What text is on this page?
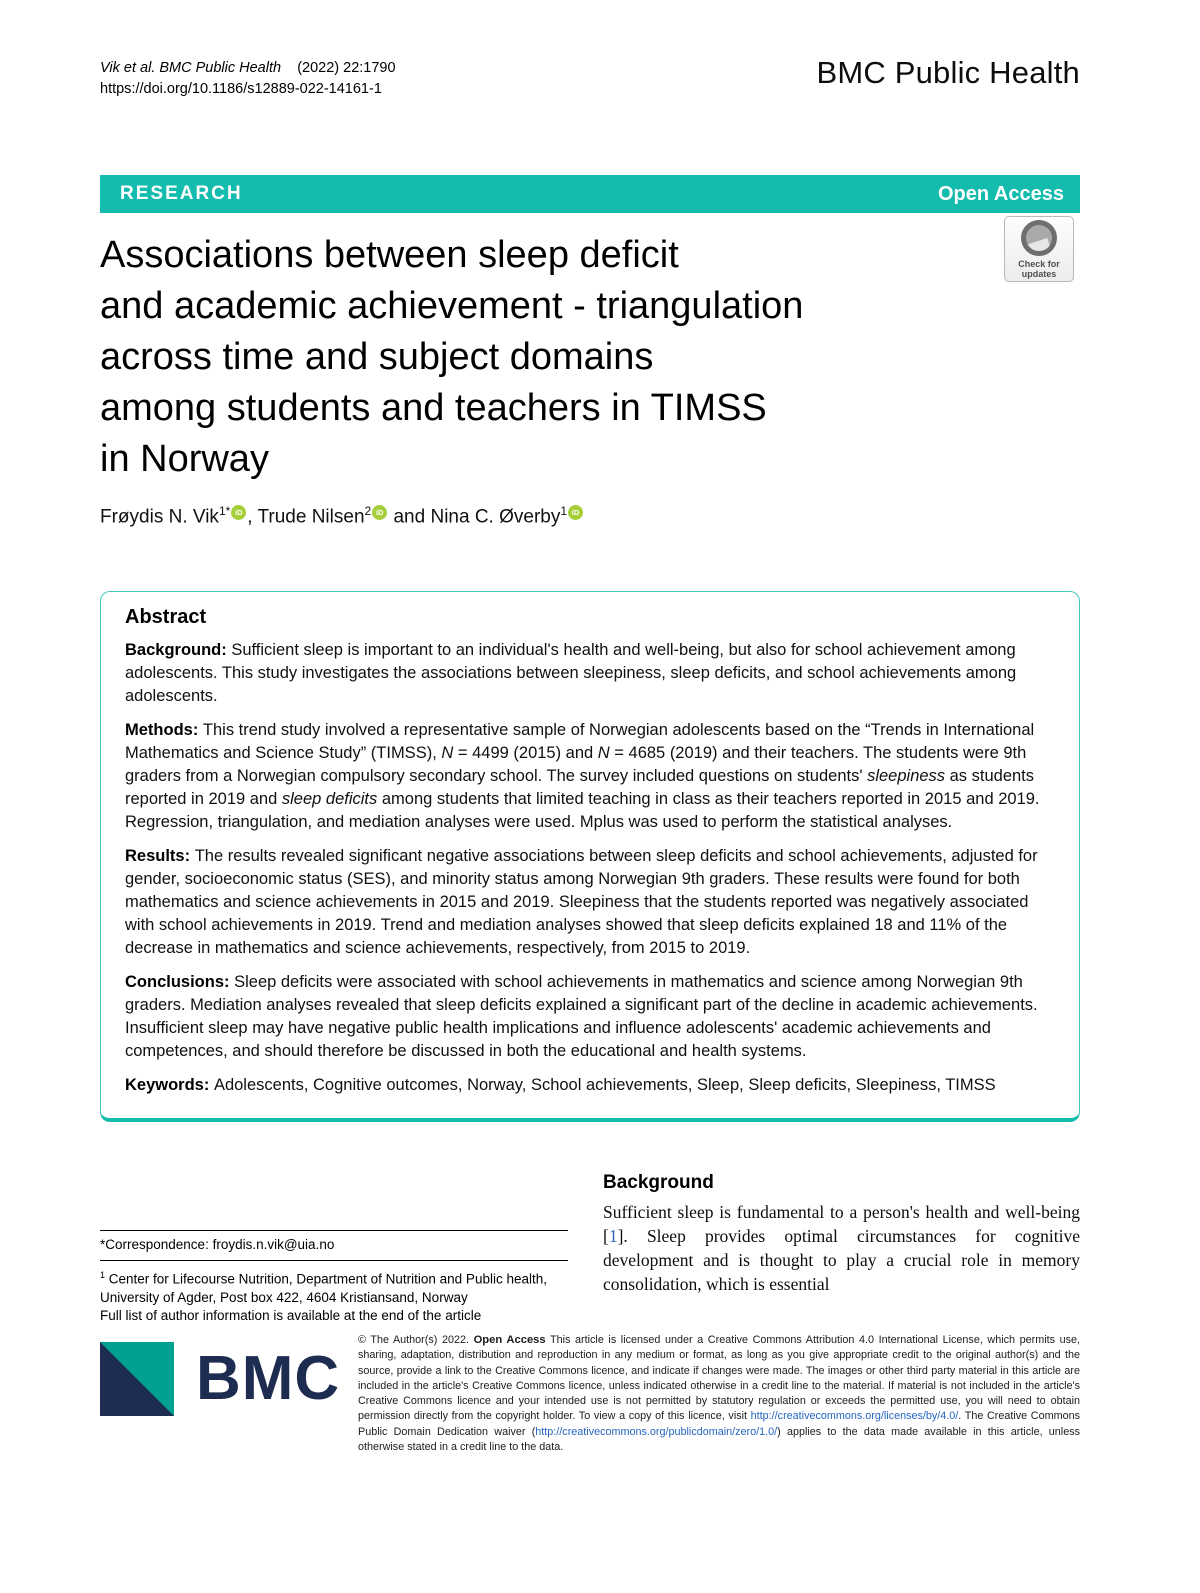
Vik et al. BMC Public Health (2022) 22:1790
https://doi.org/10.1186/s12889-022-14161-1	BMC Public Health
RESEARCH	Open Access
Check for
updates
Associations between sleep deficit
and academic achievement - triangulation
across time and subject domains
among students and teachers in TIMSS
in Norway
Frøydis N. Vik$^{1*}$ iD , Trude Nilsen$^2$ iD and Nina C. Øverby$^1$ iD
Abstract

Background: Sufficient sleep is important to an individual's health and well-being, but also for school achievement among adolescents. This study investigates the associations between sleepiness, sleep deficits, and school achievements among adolescents.

Methods: This trend study involved a representative sample of Norwegian adolescents based on the “Trends in International Mathematics and Science Study” (TIMSS), N = 4499 (2015) and N = 4685 (2019) and their teachers. The students were 9th graders from a Norwegian compulsory secondary school. The survey included questions on students' sleepiness as students reported in 2019 and sleep deficits among students that limited teaching in class as their teachers reported in 2015 and 2019. Regression, triangulation, and mediation analyses were used. Mplus was used to perform the statistical analyses.

Results: The results revealed significant negative associations between sleep deficits and school achievements, adjusted for gender, socioeconomic status (SES), and minority status among Norwegian 9th graders. These results were found for both mathematics and science achievements in 2015 and 2019. Sleepiness that the students reported was negatively associated with school achievements in 2019. Trend and mediation analyses showed that sleep deficits explained 18 and 11% of the decrease in mathematics and science achievements, respectively, from 2015 to 2019.

Conclusions: Sleep deficits were associated with school achievements in mathematics and science among Norwegian 9th graders. Mediation analyses revealed that sleep deficits explained a significant part of the decline in academic achievements. Insufficient sleep may have negative public health implications and influence adolescents' academic achievements and competences, and should therefore be discussed in both the educational and health systems.

Keywords: Adolescents, Cognitive outcomes, Norway, School achievements, Sleep, Sleep deficits, Sleepiness, TIMSS

*Correspondence: froydis.n.vik@uia.no
$^1$ Center for Lifecourse Nutrition, Department of Nutrition and Public health, University of Agder, Post box 422, 4604 Kristiansand, Norway
Full list of author information is available at the end of the article
Background
Sufficient sleep is fundamental to a person's health and well-being [1]. Sleep provides optimal circumstances for cognitive development and is thought to play a crucial role in memory consolidation, which is essential
BMC
© The Author(s) 2022. Open Access This article is licensed under a Creative Commons Attribution 4.0 International License, which permits use, sharing, adaptation, distribution and reproduction in any medium or format, as long as you give appropriate credit to the original author(s) and the source, provide a link to the Creative Commons licence, and indicate if changes were made. The images or other third party material in this article are included in the article's Creative Commons licence, unless indicated otherwise in a credit line to the material. If material is not included in the article's Creative Commons licence and your intended use is not permitted by statutory regulation or exceeds the permitted use, you will need to obtain permission directly from the copyright holder. To view a copy of this licence, visit http://creativecommons.org/licenses/by/4.0/. The Creative Commons Public Domain Dedication waiver (http://creativecommons.org/publicdomain/zero/1.0/) applies to the data made available in this article, unless otherwise stated in a credit line to the data.
